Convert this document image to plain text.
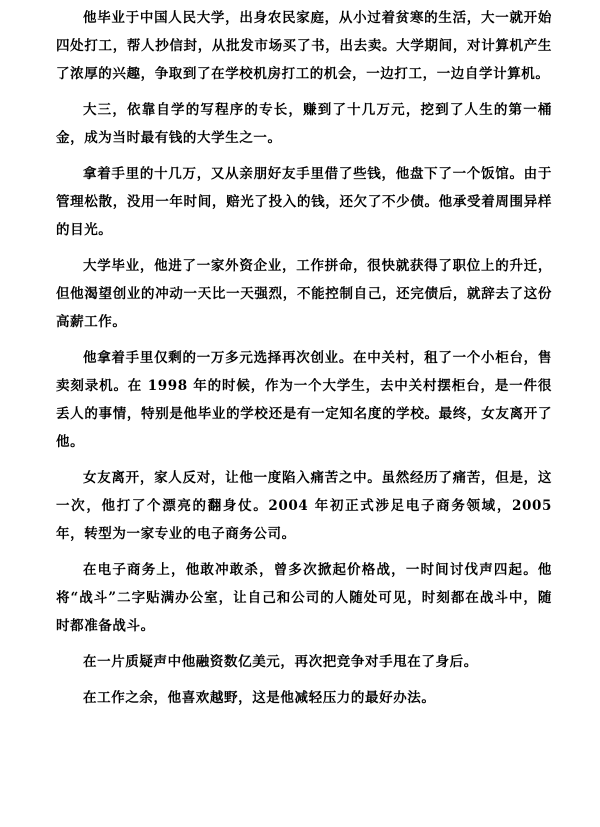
他毕业于中国人民大学，出身农民家庭，从小过着贫寒的生活，大一就开始四处打工，帮人抄信封，从批发市场买了书，出去卖。大学期间，对计算机产生了浓厚的兴趣，争取到了在学校机房打工的机会，一边打工，一边自学计算机。

大三，依靠自学的写程序的专长，赚到了十几万元，挖到了人生的第一桶金，成为当时最有钱的大学生之一。

拿着手里的十几万，又从亲朋好友手里借了些钱，他盘下了一个饭馆。由于管理松散，没用一年时间，赔光了投入的钱，还欠了不少债。他承受着周围异样的目光。

大学毕业，他进了一家外资企业，工作拼命，很快就获得了职位上的升迁，但他渴望创业的冲动一天比一天强烈，不能控制自己，还完债后，就辞去了这份高薪工作。

他拿着手里仅剩的一万多元选择再次创业。在中关村，租了一个小柜台，售卖刻录机。在 1998 年的时候，作为一个大学生，去中关村摆柜台，是一件很丢人的事情，特别是他毕业的学校还是有一定知名度的学校。最终，女友离开了他。

女友离开，家人反对，让他一度陷入痛苦之中。虽然经历了痛苦，但是，这一次，他打了个漂亮的翻身仗。2004 年初正式涉足电子商务领域，2005 年，转型为一家专业的电子商务公司。

在电子商务上，他敢冲敢杀，曾多次掀起价格战，一时间讨伐声四起。他将“战斗”二字贴满办公室，让自己和公司的人随处可见，时刻都在战斗中，随时都准备战斗。

在一片质疑声中他融资数亿美元，再次把竞争对手甩在了身后。

在工作之余，他喜欢越野，这是他减轻压力的最好办法。
